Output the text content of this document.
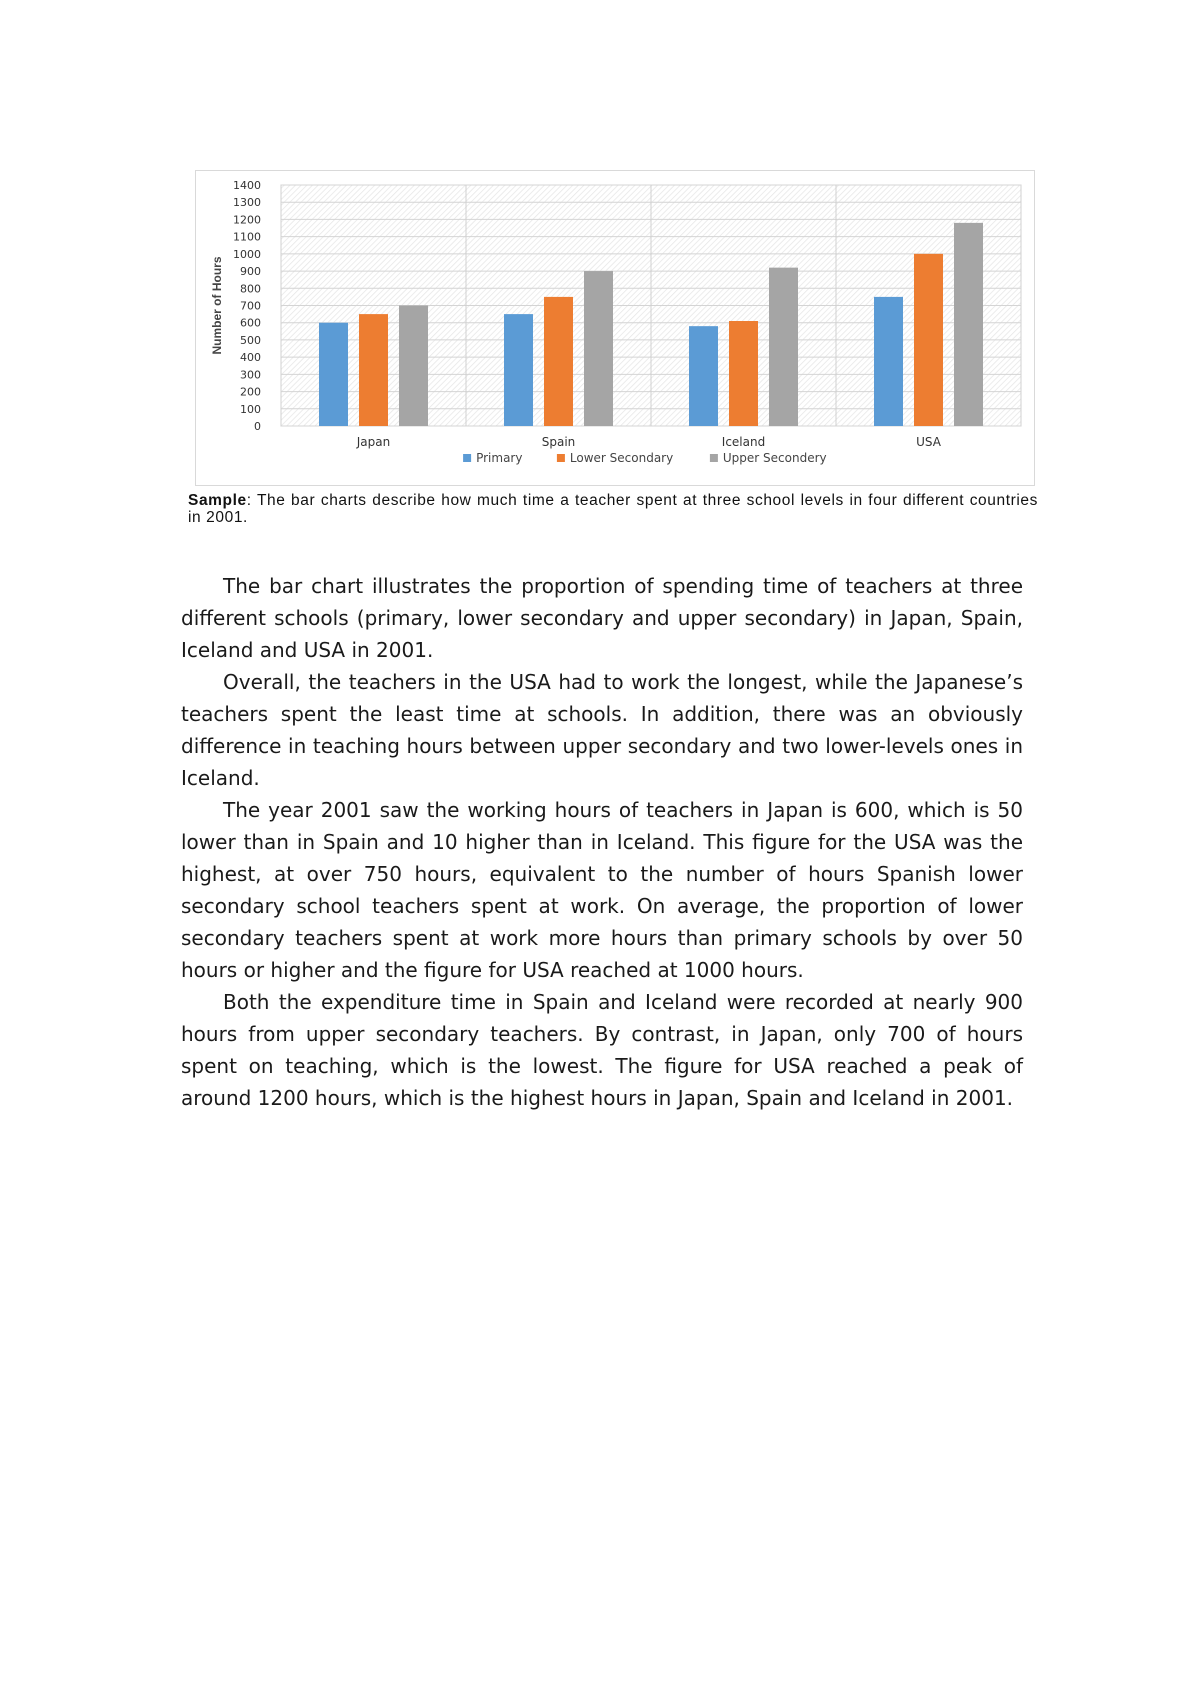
0
100
200
300
400
500
600
700
800
900
1000
1100
1200
1300
1400
Number of Hours
Japan	Spain	Iceland	USA
Primary	Lower Secondary	Upper Secondery
Sample: The bar charts describe how much time a teacher spent at three school levels in four different countries in 2001.

The bar chart illustrates the proportion of spending time of teachers at three different schools (primary, lower secondary and upper secondary) in Japan, Spain, Iceland and USA in 2001.

Overall, the teachers in the USA had to work the longest, while the Japanese’s teachers spent the least time at schools. In addition, there was an obviously difference in teaching hours between upper secondary and two lower-levels ones in Iceland.

The year 2001 saw the working hours of teachers in Japan is 600, which is 50 lower than in Spain and 10 higher than in Iceland. This figure for the USA was the highest, at over 750 hours, equivalent to the number of hours Spanish lower secondary school teachers spent at work. On average, the proportion of lower secondary teachers spent at work more hours than primary schools by over 50 hours or higher and the figure for USA reached at 1000 hours.

Both the expenditure time in Spain and Iceland were recorded at nearly 900 hours from upper secondary teachers. By contrast, in Japan, only 700 of hours spent on teaching, which is the lowest. The figure for USA reached a peak of around 1200 hours, which is the highest hours in Japan, Spain and Iceland in 2001.
